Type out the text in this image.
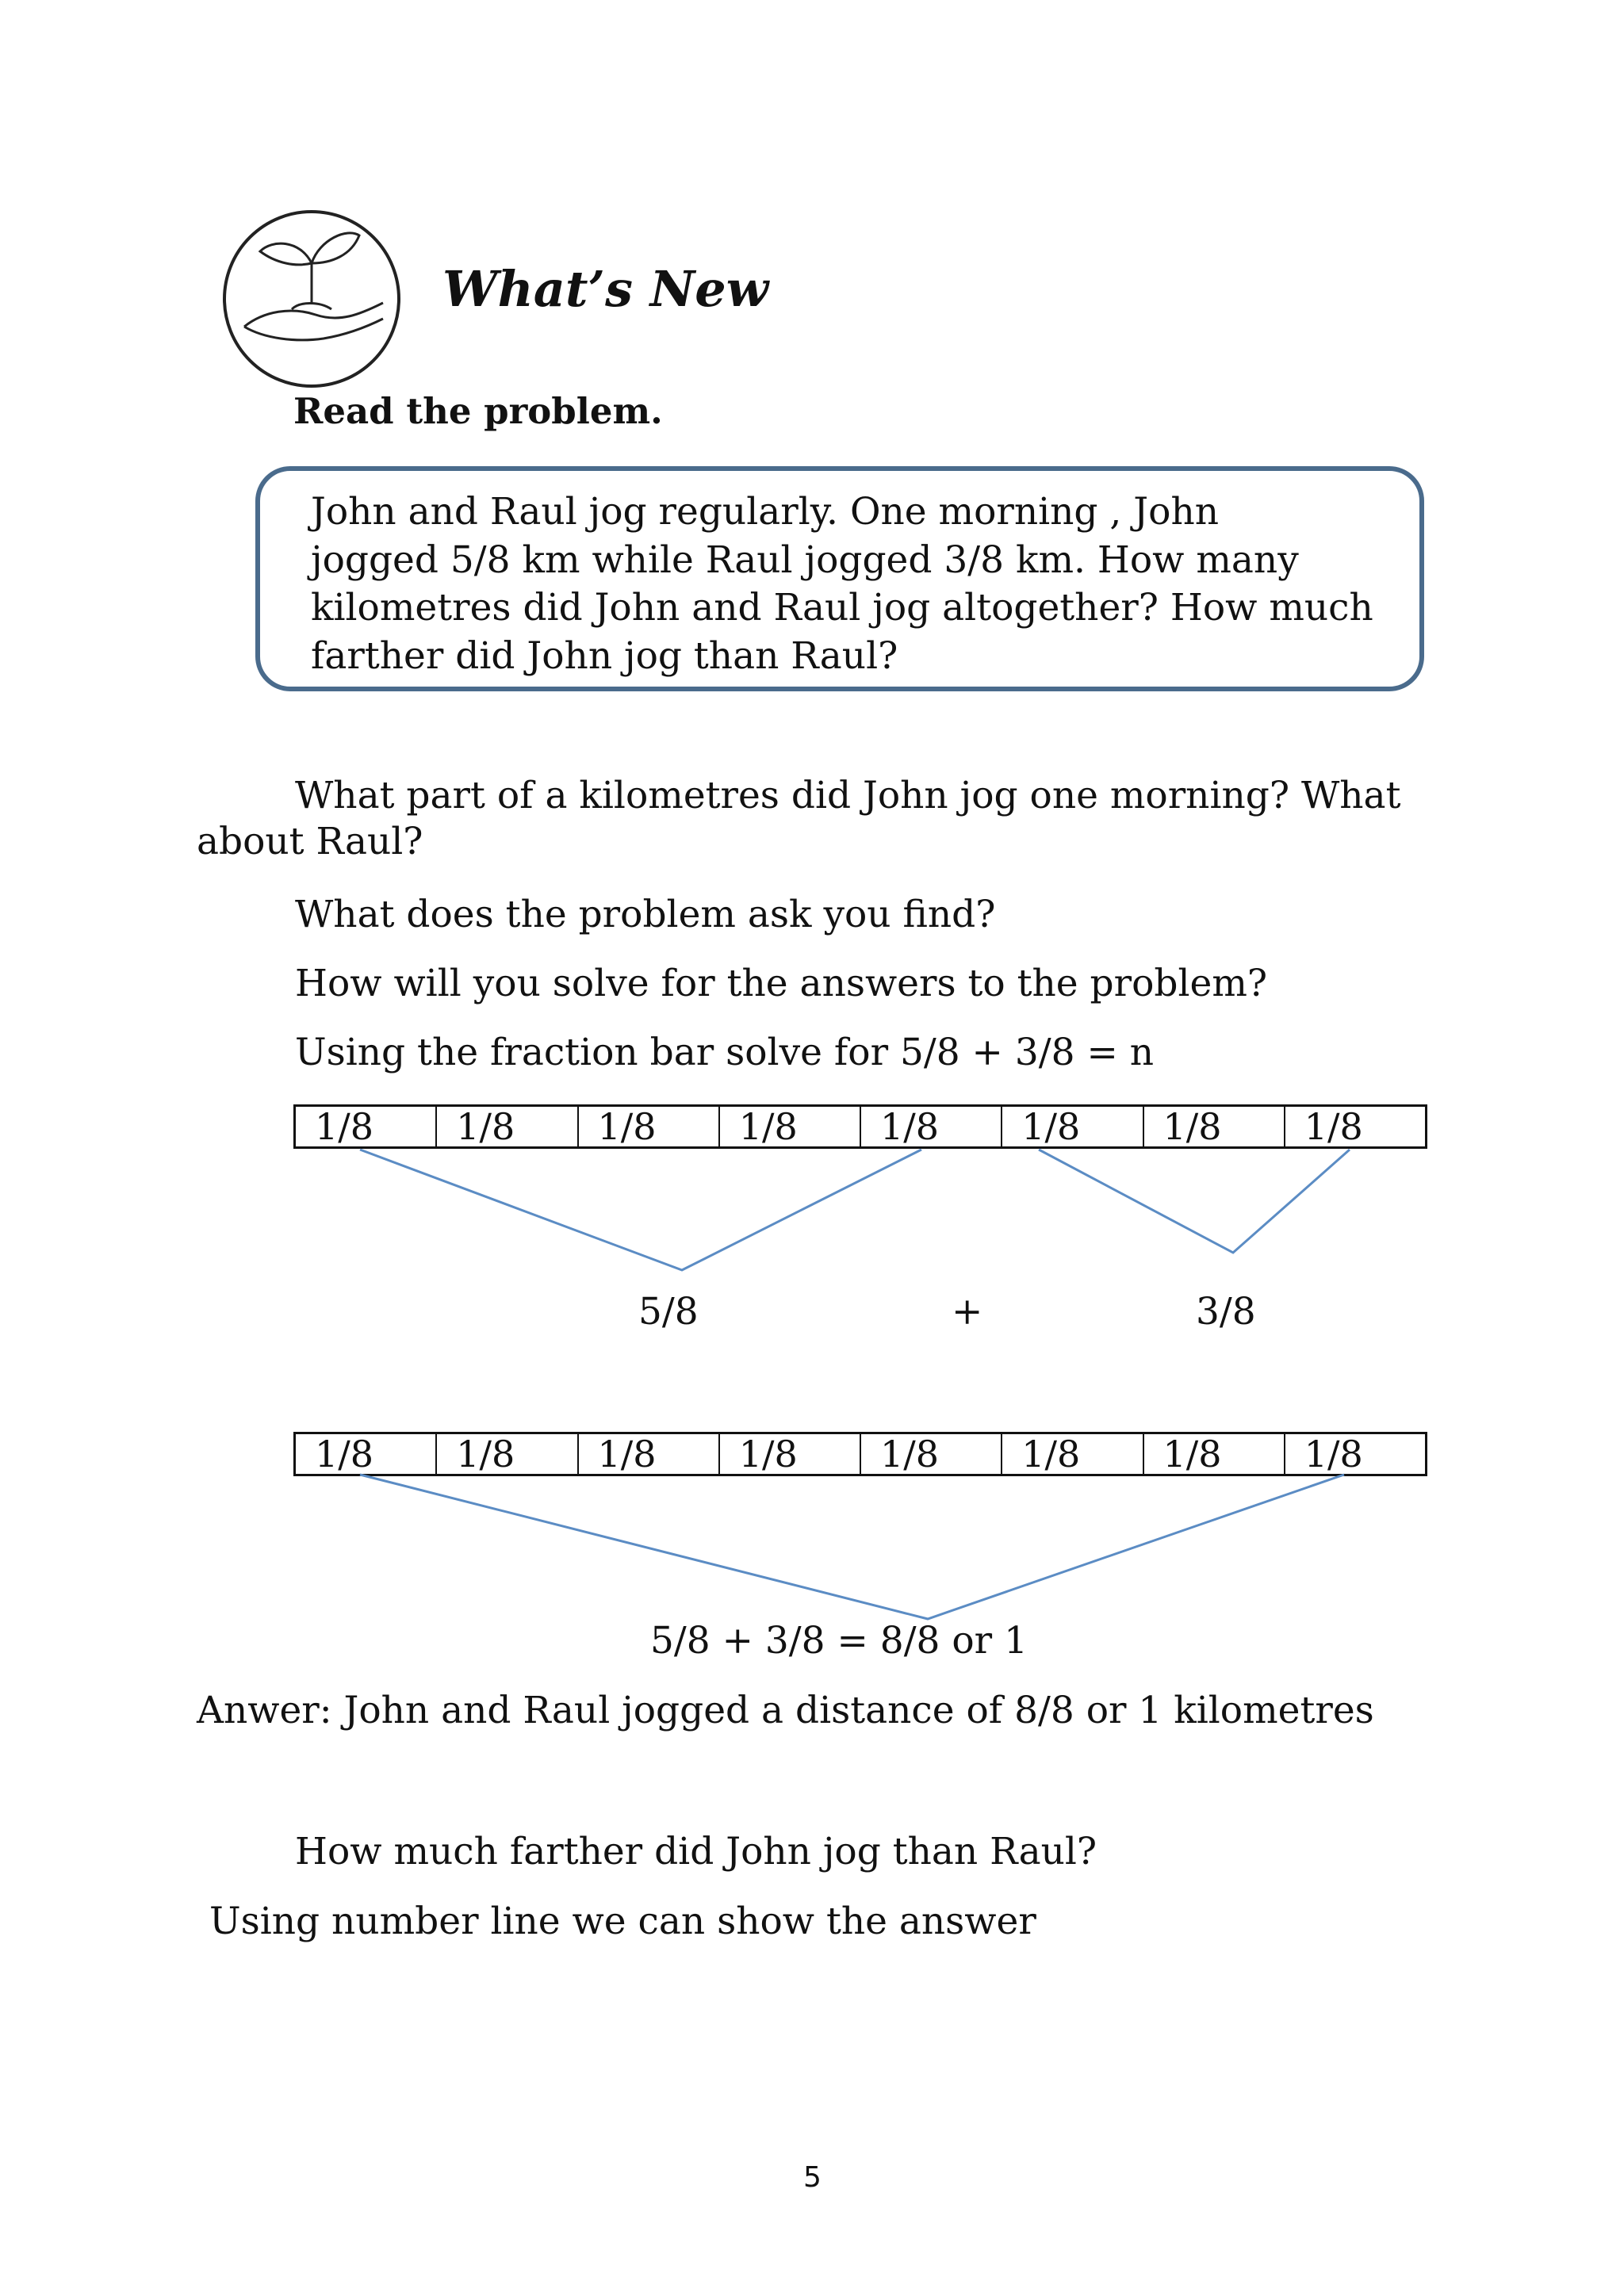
What’s New
Read the problem.
John and Raul jog regularly. One morning , John
jogged 5/8 km while Raul jogged 3/8 km. How many
kilometres did John and Raul jog altogether? How much
farther did John jog than Raul?
What part of a kilometres did John jog one morning? What
about Raul?
What does the problem ask you find?
How will you solve for the answers to the problem?
Using the fraction bar solve for 5/8 + 3/8 = n
1/8	1/8	1/8	1/8	1/8	1/8	1/8	1/8
5/8	+	3/8
1/8	1/8	1/8	1/8	1/8	1/8	1/8	1/8
5/8 + 3/8 = 8/8 or 1
Anwer: John and Raul jogged a distance of 8/8 or 1 kilometres
How much farther did John jog than Raul?
Using number line we can show the answer
5
